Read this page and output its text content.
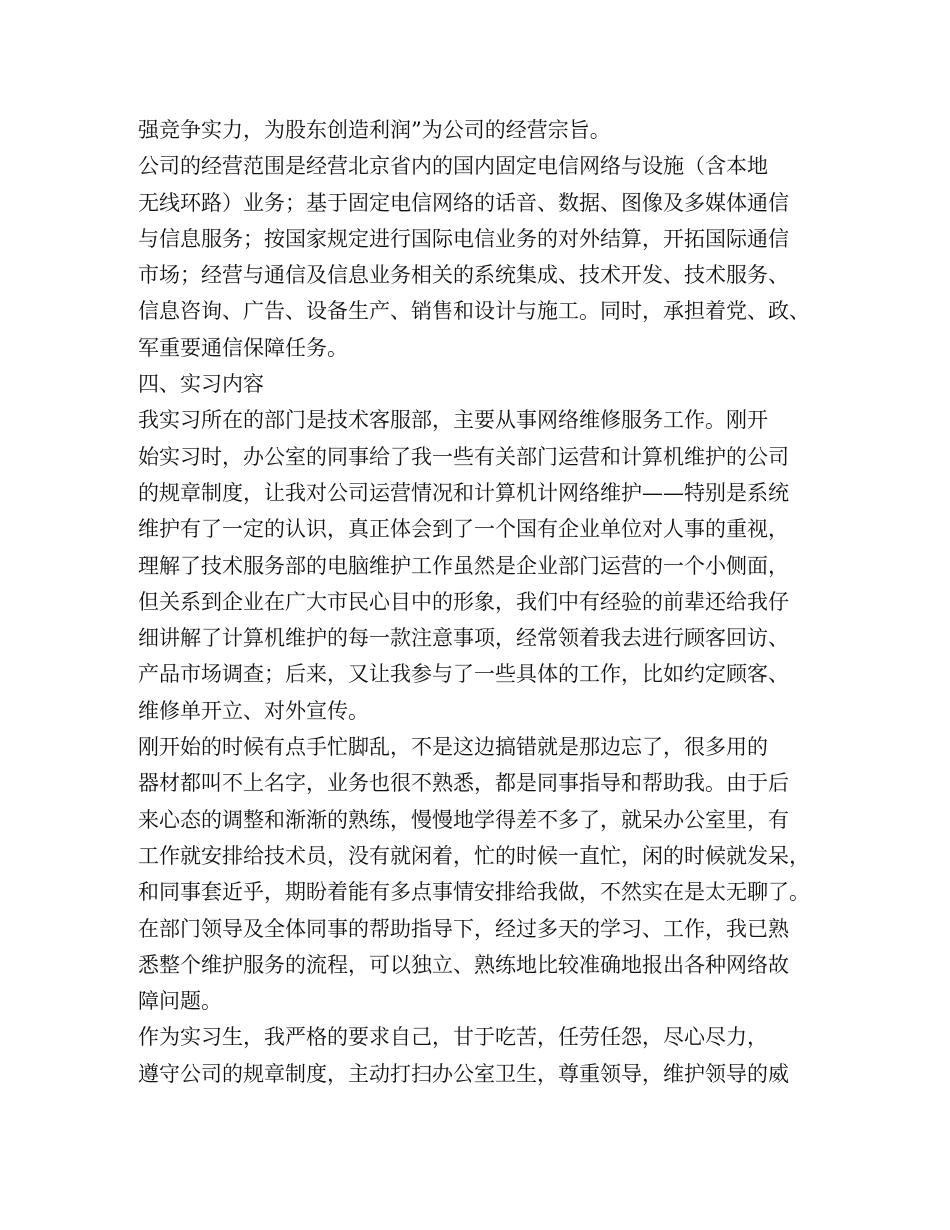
强竞争实力，为股东创造利润”为公司的经营宗旨。
公司的经营范围是经营北京省内的国内固定电信网络与设施（含本地
无线环路）业务；基于固定电信网络的话音、数据、图像及多媒体通信
与信息服务；按国家规定进行国际电信业务的对外结算，开拓国际通信
市场；经营与通信及信息业务相关的系统集成、技术开发、技术服务、
信息咨询、广告、设备生产、销售和设计与施工。同时，承担着党、政、
军重要通信保障任务。
四、实习内容
我实习所在的部门是技术客服部，主要从事网络维修服务工作。刚开
始实习时，办公室的同事给了我一些有关部门运营和计算机维护的公司
的规章制度，让我对公司运营情况和计算机计网络维护——特别是系统
维护有了一定的认识，真正体会到了一个国有企业单位对人事的重视，
理解了技术服务部的电脑维护工作虽然是企业部门运营的一个小侧面，
但关系到企业在广大市民心目中的形象，我们中有经验的前辈还给我仔
细讲解了计算机维护的每一款注意事项，经常领着我去进行顾客回访、
产品市场调查；后来，又让我参与了一些具体的工作，比如约定顾客、
维修单开立、对外宣传。
刚开始的时候有点手忙脚乱，不是这边搞错就是那边忘了，很多用的
器材都叫不上名字，业务也很不熟悉，都是同事指导和帮助我。由于后
来心态的调整和渐渐的熟练，慢慢地学得差不多了，就呆办公室里，有
工作就安排给技术员，没有就闲着，忙的时候一直忙，闲的时候就发呆，
和同事套近乎，期盼着能有多点事情安排给我做，不然实在是太无聊了。
在部门领导及全体同事的帮助指导下，经过多天的学习、工作，我已熟
悉整个维护服务的流程，可以独立、熟练地比较准确地报出各种网络故
障问题。
作为实习生，我严格的要求自己，甘于吃苦，任劳任怨，尽心尽力，
遵守公司的规章制度，主动打扫办公室卫生，尊重领导，维护领导的威
